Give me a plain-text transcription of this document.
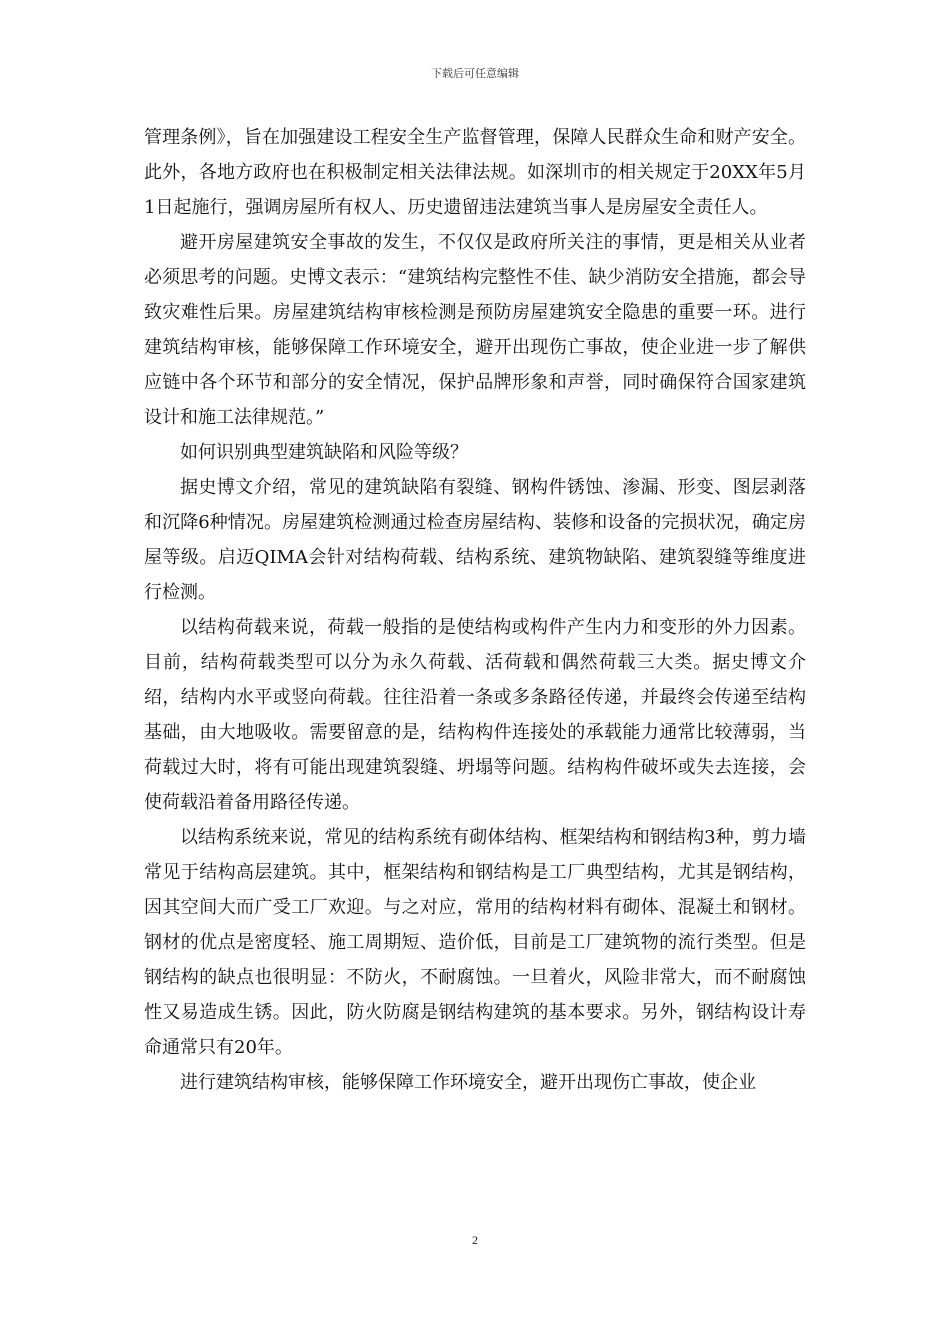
下载后可任意编辑

管理条例》，旨在加强建设工程安全生产监督管理，保障人民群众生命和财产安全。此外，各地方政府也在积极制定相关法律法规。如深圳市的相关规定于20XX年5月1日起施行，强调房屋所有权人、历史遗留违法建筑当事人是房屋安全责任人。

避开房屋建筑安全事故的发生，不仅仅是政府所关注的事情，更是相关从业者必须思考的问题。史博文表示：“建筑结构完整性不佳、缺少消防安全措施，都会导致灾难性后果。房屋建筑结构审核检测是预防房屋建筑安全隐患的重要一环。进行建筑结构审核，能够保障工作环境安全，避开出现伤亡事故，使企业进一步了解供应链中各个环节和部分的安全情况，保护品牌形象和声誉，同时确保符合国家建筑设计和施工法律规范。”

如何识别典型建筑缺陷和风险等级？

据史博文介绍，常见的建筑缺陷有裂缝、钢构件锈蚀、渗漏、形变、图层剥落和沉降6种情况。房屋建筑检测通过检查房屋结构、装修和设备的完损状况，确定房屋等级。启迈QIMA会针对结构荷载、结构系统、建筑物缺陷、建筑裂缝等维度进行检测。

以结构荷载来说，荷载一般指的是使结构或构件产生内力和变形的外力因素。目前，结构荷载类型可以分为永久荷载、活荷载和偶然荷载三大类。据史博文介绍，结构内水平或竖向荷载。往往沿着一条或多条路径传递，并最终会传递至结构基础，由大地吸收。需要留意的是，结构构件连接处的承载能力通常比较薄弱，当荷载过大时，将有可能出现建筑裂缝、坍塌等问题。结构构件破坏或失去连接，会使荷载沿着备用路径传递。

以结构系统来说，常见的结构系统有砌体结构、框架结构和钢结构3种，剪力墙常见于结构高层建筑。其中，框架结构和钢结构是工厂典型结构，尤其是钢结构，因其空间大而广受工厂欢迎。与之对应，常用的结构材料有砌体、混凝土和钢材。钢材的优点是密度轻、施工周期短、造价低，目前是工厂建筑物的流行类型。但是钢结构的缺点也很明显：不防火，不耐腐蚀。一旦着火，风险非常大，而不耐腐蚀性又易造成生锈。因此，防火防腐是钢结构建筑的基本要求。另外，钢结构设计寿命通常只有20年。

进行建筑结构审核，能够保障工作环境安全，避开出现伤亡事故，使企业

2
